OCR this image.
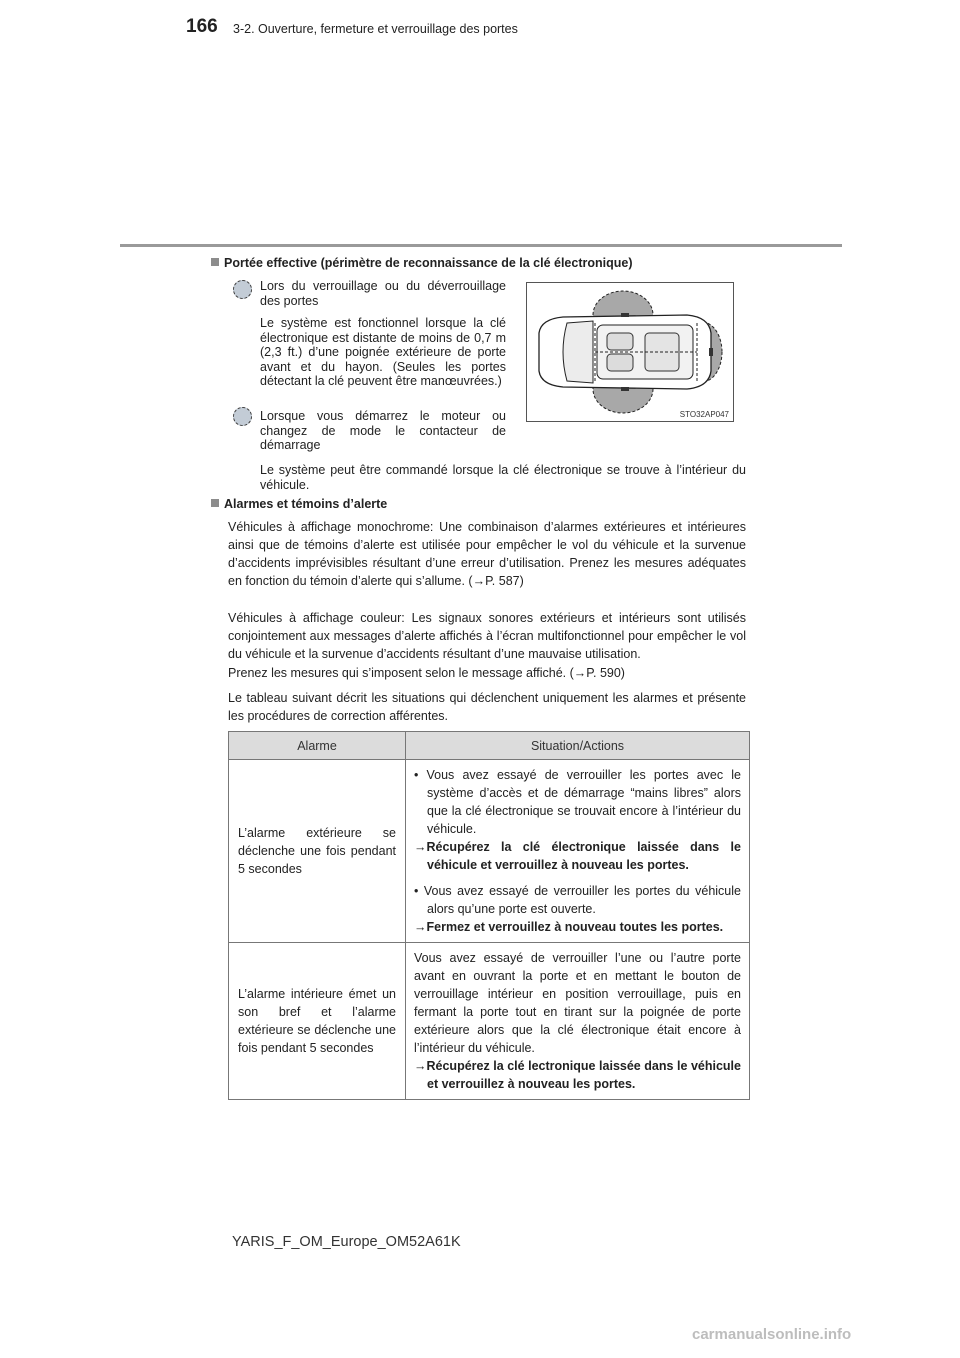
166 3-2. Ouverture, fermeture et verrouillage des portes
Portée effective (périmètre de reconnaissance de la clé électronique)
Lors du verrouillage ou du déverrouillage des portes
Le système est fonctionnel lorsque la clé électronique est distante de moins de 0,7 m (2,3 ft.) d’une poignée extérieure de porte avant et du hayon. (Seules les portes détectant la clé peuvent être manœuvrées.)
Lorsque vous démarrez le moteur ou changez de mode le contacteur de démarrage
STO32AP047
Le système peut être commandé lorsque la clé électronique se trouve à l’intérieur du véhicule.
Alarmes et témoins d’alerte
Véhicules à affichage monochrome: Une combinaison d’alarmes extérieures et intérieures ainsi que de témoins d’alerte est utilisée pour empêcher le vol du véhicule et la survenue d’accidents imprévisibles résultant d’une erreur d’utilisation. Prenez les mesures adéquates en fonction du témoin d’alerte qui s’allume. (→P. 587)
Véhicules à affichage couleur: Les signaux sonores extérieurs et intérieurs sont utilisés conjointement aux messages d’alerte affichés à l’écran multifonctionnel pour empêcher le vol du véhicule et la survenue d’accidents résultant d’une mauvaise utilisation.
Prenez les mesures qui s’imposent selon le message affiché. (→P. 590)
Le tableau suivant décrit les situations qui déclenchent uniquement les alarmes et présente les procédures de correction afférentes.
Alarme	Situation/Actions
L’alarme extérieure se déclenche une fois pendant 5 secondes	• Vous avez essayé de verrouiller les portes avec le système d’accès et de démarrage “mains libres” alors que la clé électronique se trouvait encore à l’intérieur du véhicule.

→Récupérez la clé électronique laissée dans le véhicule et verrouillez à nouveau les portes.

• Vous avez essayé de verrouiller les portes du véhicule alors qu’une porte est ouverte.

→Fermez et verrouillez à nouveau toutes les portes.

L’alarme intérieure émet un son bref et l’alarme extérieure se déclenche une fois pendant 5 secondes	Vous avez essayé de verrouiller l’une ou l’autre porte avant en ouvrant la porte et en mettant le bouton de verrouillage intérieur en position verrouillage, puis en fermant la porte tout en tirant sur la poignée de porte extérieure alors que la clé électronique était encore à l’intérieur du véhicule.

→Récupérez la clé lectronique laissée dans le véhicule et verrouillez à nouveau les portes.

YARIS_F_OM_Europe_OM52A61K
carmanualsonline.info
